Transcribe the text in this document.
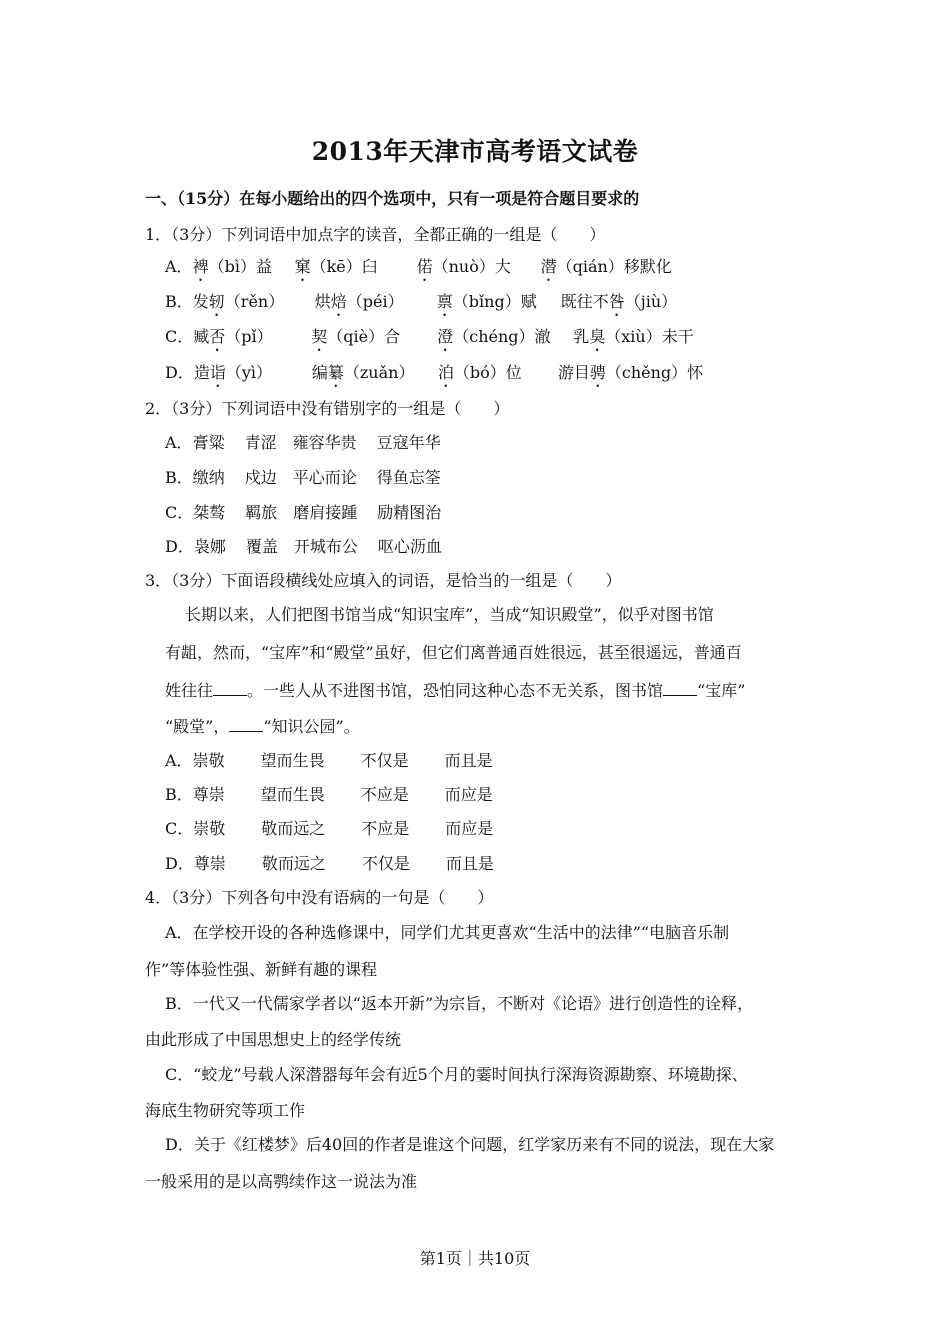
2013年天津市高考语文试卷
一、（15分）在每小题给出的四个选项中，只有一项是符合题目要求的
1．（3分）下列词语中加点字的读音，全都正确的一组是（　　）
A．裨（bì）益 窠（kē）臼 偌（nuò）大 潜（qián）移默化
B．发轫（rěn） 烘焙（péi） 禀（bǐng）赋 既往不咎（jiù）
C．臧否（pǐ） 契（qiè）合 澄（chéng）澈 乳臭（xiù）未干
D．造诣（yì） 编纂（zuǎn） 泊（bó）位 游目骋（chěng）怀
2．（3分）下列词语中没有错别字的一组是（　　）
A．膏粱 青涩 雍容华贵 豆寇年华
B．缴纳 戍边 平心而论 得鱼忘筌
C．桀骜 羁旅 磨肩接踵 励精图治
D．袅娜 覆盖 开城布公 呕心沥血
3．（3分）下面语段横线处应填入的词语，是恰当的一组是（　　）
长期以来，人们把图书馆当成“知识宝库”，当成“知识殿堂”，似乎对图书馆
有龃，然而，“宝库”和“殿堂”虽好，但它们离普通百姓很远，甚至很遥远，普通百
姓往往 。一些人从不进图书馆，恐怕同这种心态不无关系，图书馆 “宝库”
“殿堂”， “知识公园”。
A．崇敬 望而生畏 不仅是 而且是
B．尊崇 望而生畏 不应是 而应是
C．崇敬 敬而远之 不应是 而应是
D．尊崇 敬而远之 不仅是 而且是
4．（3分）下列各句中没有语病的一句是（　　）
A．在学校开设的各种选修课中，同学们尤其更喜欢“生活中的法律”“电脑音乐制
作”等体验性强、新鲜有趣的课程
B．一代又一代儒家学者以“返本开新”为宗旨，不断对《论语》进行创造性的诠释，
由此形成了中国思想史上的经学传统
C．“蛟龙”号载人深潜器每年会有近5个月的霎时间执行深海资源勘察、环境勘探、
海底生物研究等项工作
D．关于《红楼梦》后40回的作者是谁这个问题，红学家历来有不同的说法，现在大家
一般采用的是以高鹗续作这一说法为准
第1页｜共10页
